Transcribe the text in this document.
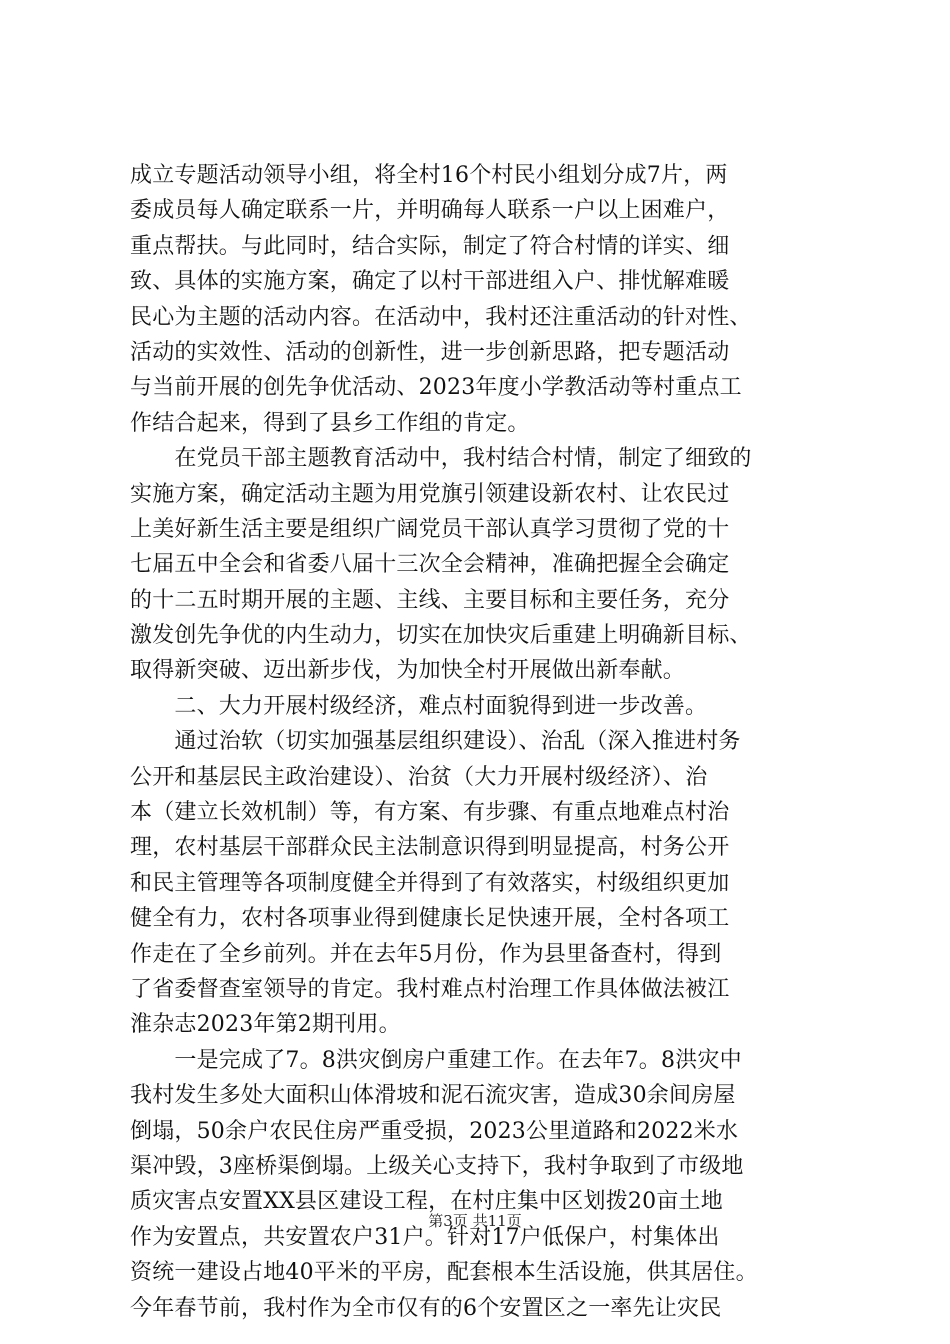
成立专题活动领导小组，将全村16个村民小组划分成7片，两
委成员每人确定联系一片，并明确每人联系一户以上困难户，
重点帮扶。与此同时，结合实际，制定了符合村情的详实、细
致、具体的实施方案，确定了以村干部进组入户、排忧解难暖
民心为主题的活动内容。在活动中，我村还注重活动的针对性、
活动的实效性、活动的创新性，进一步创新思路，把专题活动
与当前开展的创先争优活动、2023年度小学教活动等村重点工
作结合起来，得到了县乡工作组的肯定。
　　在党员干部主题教育活动中，我村结合村情，制定了细致的
实施方案，确定活动主题为用党旗引领建设新农村、让农民过
上美好新生活主要是组织广阔党员干部认真学习贯彻了党的十
七届五中全会和省委八届十三次全会精神，准确把握全会确定
的十二五时期开展的主题、主线、主要目标和主要任务，充分
激发创先争优的内生动力，切实在加快灾后重建上明确新目标、
取得新突破、迈出新步伐，为加快全村开展做出新奉献。
　　二、大力开展村级经济，难点村面貌得到进一步改善。
　　通过治软（切实加强基层组织建设）、治乱（深入推进村务
公开和基层民主政治建设）、治贫（大力开展村级经济）、治
本（建立长效机制）等，有方案、有步骤、有重点地难点村治
理，农村基层干部群众民主法制意识得到明显提高，村务公开
和民主管理等各项制度健全并得到了有效落实，村级组织更加
健全有力，农村各项事业得到健康长足快速开展，全村各项工
作走在了全乡前列。并在去年5月份，作为县里备查村，得到
了省委督查室领导的肯定。我村难点村治理工作具体做法被江
淮杂志2023年第2期刊用。
　　一是完成了7。8洪灾倒房户重建工作。在去年7。8洪灾中
我村发生多处大面积山体滑坡和泥石流灾害，造成30余间房屋
倒塌，50余户农民住房严重受损，2023公里道路和2022米水
渠冲毁，3座桥渠倒塌。上级关心支持下，我村争取到了市级地
质灾害点安置XX县区建设工程，在村庄集中区划拨20亩土地
作为安置点，共安置农户31户。针对17户低保户，村集体出
资统一建设占地40平米的平房，配套根本生活设施，供其居住。
今年春节前，我村作为全市仅有的6个安置区之一率先让灾民
第3页 共11页
